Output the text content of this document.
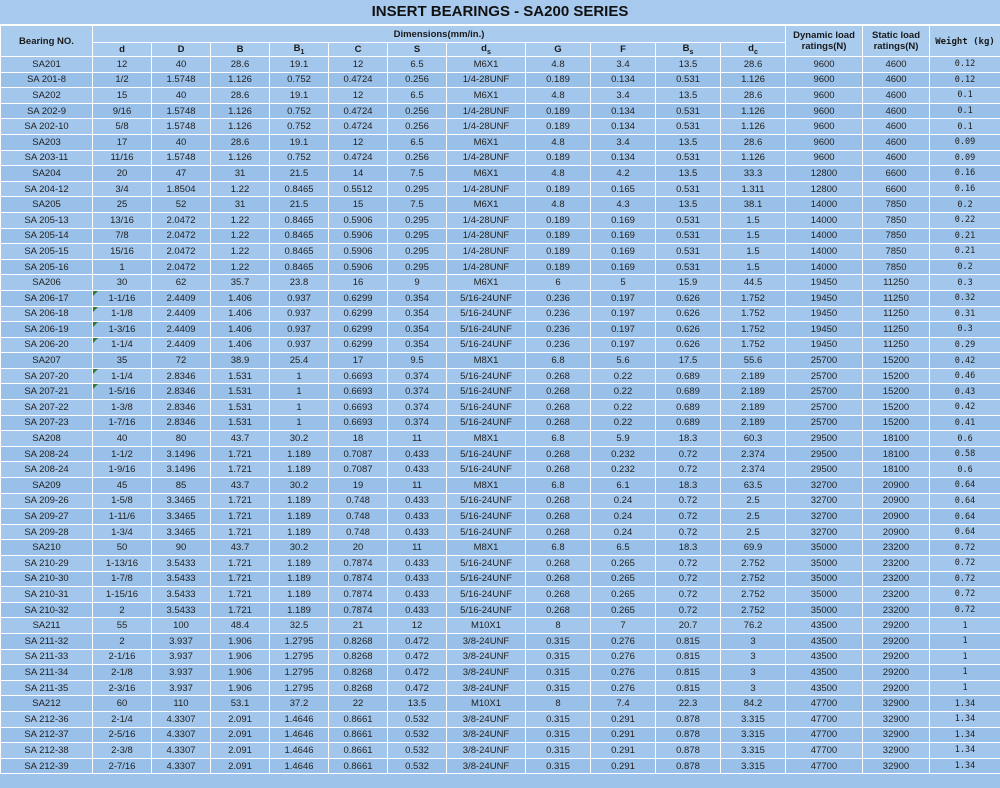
INSERT BEARINGS - SA200 SERIES
Bearing NO.	Dimensions(mm/in.)											Dynamic load ratings(N)	Static load ratings(N)	Weight (kg)
	d	D	B	$B_1$	C	S	$d_s$	G	F	$B_s$	$d_c$
SA201	12	40	28.6	19.1	12	6.5	M6X1	4.8	3.4	13.5	28.6	9600	4600	0.12
SA 201-8	1/2	1.5748	1.126	0.752	0.4724	0.256	1/4-28UNF	0.189	0.134	0.531	1.126	9600	4600	0.12
SA202	15	40	28.6	19.1	12	6.5	M6X1	4.8	3.4	13.5	28.6	9600	4600	0.1
SA 202-9	9/16	1.5748	1.126	0.752	0.4724	0.256	1/4-28UNF	0.189	0.134	0.531	1.126	9600	4600	0.1
SA 202-10	5/8	1.5748	1.126	0.752	0.4724	0.256	1/4-28UNF	0.189	0.134	0.531	1.126	9600	4600	0.1
SA203	17	40	28.6	19.1	12	6.5	M6X1	4.8	3.4	13.5	28.6	9600	4600	0.09
SA 203-11	11/16	1.5748	1.126	0.752	0.4724	0.256	1/4-28UNF	0.189	0.134	0.531	1.126	9600	4600	0.09
SA204	20	47	31	21.5	14	7.5	M6X1	4.8	4.2	13.5	33.3	12800	6600	0.16
SA 204-12	3/4	1.8504	1.22	0.8465	0.5512	0.295	1/4-28UNF	0.189	0.165	0.531	1.311	12800	6600	0.16
SA205	25	52	31	21.5	15	7.5	M6X1	4.8	4.3	13.5	38.1	14000	7850	0.2
SA 205-13	13/16	2.0472	1.22	0.8465	0.5906	0.295	1/4-28UNF	0.189	0.169	0.531	1.5	14000	7850	0.22
SA 205-14	7/8	2.0472	1.22	0.8465	0.5906	0.295	1/4-28UNF	0.189	0.169	0.531	1.5	14000	7850	0.21
SA 205-15	15/16	2.0472	1.22	0.8465	0.5906	0.295	1/4-28UNF	0.189	0.169	0.531	1.5	14000	7850	0.21
SA 205-16	1	2.0472	1.22	0.8465	0.5906	0.295	1/4-28UNF	0.189	0.169	0.531	1.5	14000	7850	0.2
SA206	30	62	35.7	23.8	16	9	M6X1	6	5	15.9	44.5	19450	11250	0.3
SA 206-17	1-1/16	2.4409	1.406	0.937	0.6299	0.354	5/16-24UNF	0.236	0.197	0.626	1.752	19450	11250	0.32
SA 206-18	1-1/8	2.4409	1.406	0.937	0.6299	0.354	5/16-24UNF	0.236	0.197	0.626	1.752	19450	11250	0.31
SA 206-19	1-3/16	2.4409	1.406	0.937	0.6299	0.354	5/16-24UNF	0.236	0.197	0.626	1.752	19450	11250	0.3
SA 206-20	1-1/4	2.4409	1.406	0.937	0.6299	0.354	5/16-24UNF	0.236	0.197	0.626	1.752	19450	11250	0.29
SA207	35	72	38.9	25.4	17	9.5	M8X1	6.8	5.6	17.5	55.6	25700	15200	0.42
SA 207-20	1-1/4	2.8346	1.531	1	0.6693	0.374	5/16-24UNF	0.268	0.22	0.689	2.189	25700	15200	0.46
SA 207-21	1-5/16	2.8346	1.531	1	0.6693	0.374	5/16-24UNF	0.268	0.22	0.689	2.189	25700	15200	0.43
SA 207-22	1-3/8	2.8346	1.531	1	0.6693	0.374	5/16-24UNF	0.268	0.22	0.689	2.189	25700	15200	0.42
SA 207-23	1-7/16	2.8346	1.531	1	0.6693	0.374	5/16-24UNF	0.268	0.22	0.689	2.189	25700	15200	0.41
SA208	40	80	43.7	30.2	18	11	M8X1	6.8	5.9	18.3	60.3	29500	18100	0.6
SA 208-24	1-1/2	3.1496	1.721	1.189	0.7087	0.433	5/16-24UNF	0.268	0.232	0.72	2.374	29500	18100	0.58
SA 208-24	1-9/16	3.1496	1.721	1.189	0.7087	0.433	5/16-24UNF	0.268	0.232	0.72	2.374	29500	18100	0.6
SA209	45	85	43.7	30.2	19	11	M8X1	6.8	6.1	18.3	63.5	32700	20900	0.64
SA 209-26	1-5/8	3.3465	1.721	1.189	0.748	0.433	5/16-24UNF	0.268	0.24	0.72	2.5	32700	20900	0.64
SA 209-27	1-11/6	3.3465	1.721	1.189	0.748	0.433	5/16-24UNF	0.268	0.24	0.72	2.5	32700	20900	0.64
SA 209-28	1-3/4	3.3465	1.721	1.189	0.748	0.433	5/16-24UNF	0.268	0.24	0.72	2.5	32700	20900	0.64
SA210	50	90	43.7	30.2	20	11	M8X1	6.8	6.5	18.3	69.9	35000	23200	0.72
SA 210-29	1-13/16	3.5433	1.721	1.189	0.7874	0.433	5/16-24UNF	0.268	0.265	0.72	2.752	35000	23200	0.72
SA 210-30	1-7/8	3.5433	1.721	1.189	0.7874	0.433	5/16-24UNF	0.268	0.265	0.72	2.752	35000	23200	0.72
SA 210-31	1-15/16	3.5433	1.721	1.189	0.7874	0.433	5/16-24UNF	0.268	0.265	0.72	2.752	35000	23200	0.72
SA 210-32	2	3.5433	1.721	1.189	0.7874	0.433	5/16-24UNF	0.268	0.265	0.72	2.752	35000	23200	0.72
SA211	55	100	48.4	32.5	21	12	M10X1	8	7	20.7	76.2	43500	29200	1
SA 211-32	2	3.937	1.906	1.2795	0.8268	0.472	3/8-24UNF	0.315	0.276	0.815	3	43500	29200	1
SA 211-33	2-1/16	3.937	1.906	1.2795	0.8268	0.472	3/8-24UNF	0.315	0.276	0.815	3	43500	29200	1
SA 211-34	2-1/8	3.937	1.906	1.2795	0.8268	0.472	3/8-24UNF	0.315	0.276	0.815	3	43500	29200	1
SA 211-35	2-3/16	3.937	1.906	1.2795	0.8268	0.472	3/8-24UNF	0.315	0.276	0.815	3	43500	29200	1
SA212	60	110	53.1	37.2	22	13.5	M10X1	8	7.4	22.3	84.2	47700	32900	1.34
SA 212-36	2-1/4	4.3307	2.091	1.4646	0.8661	0.532	3/8-24UNF	0.315	0.291	0.878	3.315	47700	32900	1.34
SA 212-37	2-5/16	4.3307	2.091	1.4646	0.8661	0.532	3/8-24UNF	0.315	0.291	0.878	3.315	47700	32900	1.34
SA 212-38	2-3/8	4.3307	2.091	1.4646	0.8661	0.532	3/8-24UNF	0.315	0.291	0.878	3.315	47700	32900	1.34
SA 212-39	2-7/16	4.3307	2.091	1.4646	0.8661	0.532	3/8-24UNF	0.315	0.291	0.878	3.315	47700	32900	1.34
